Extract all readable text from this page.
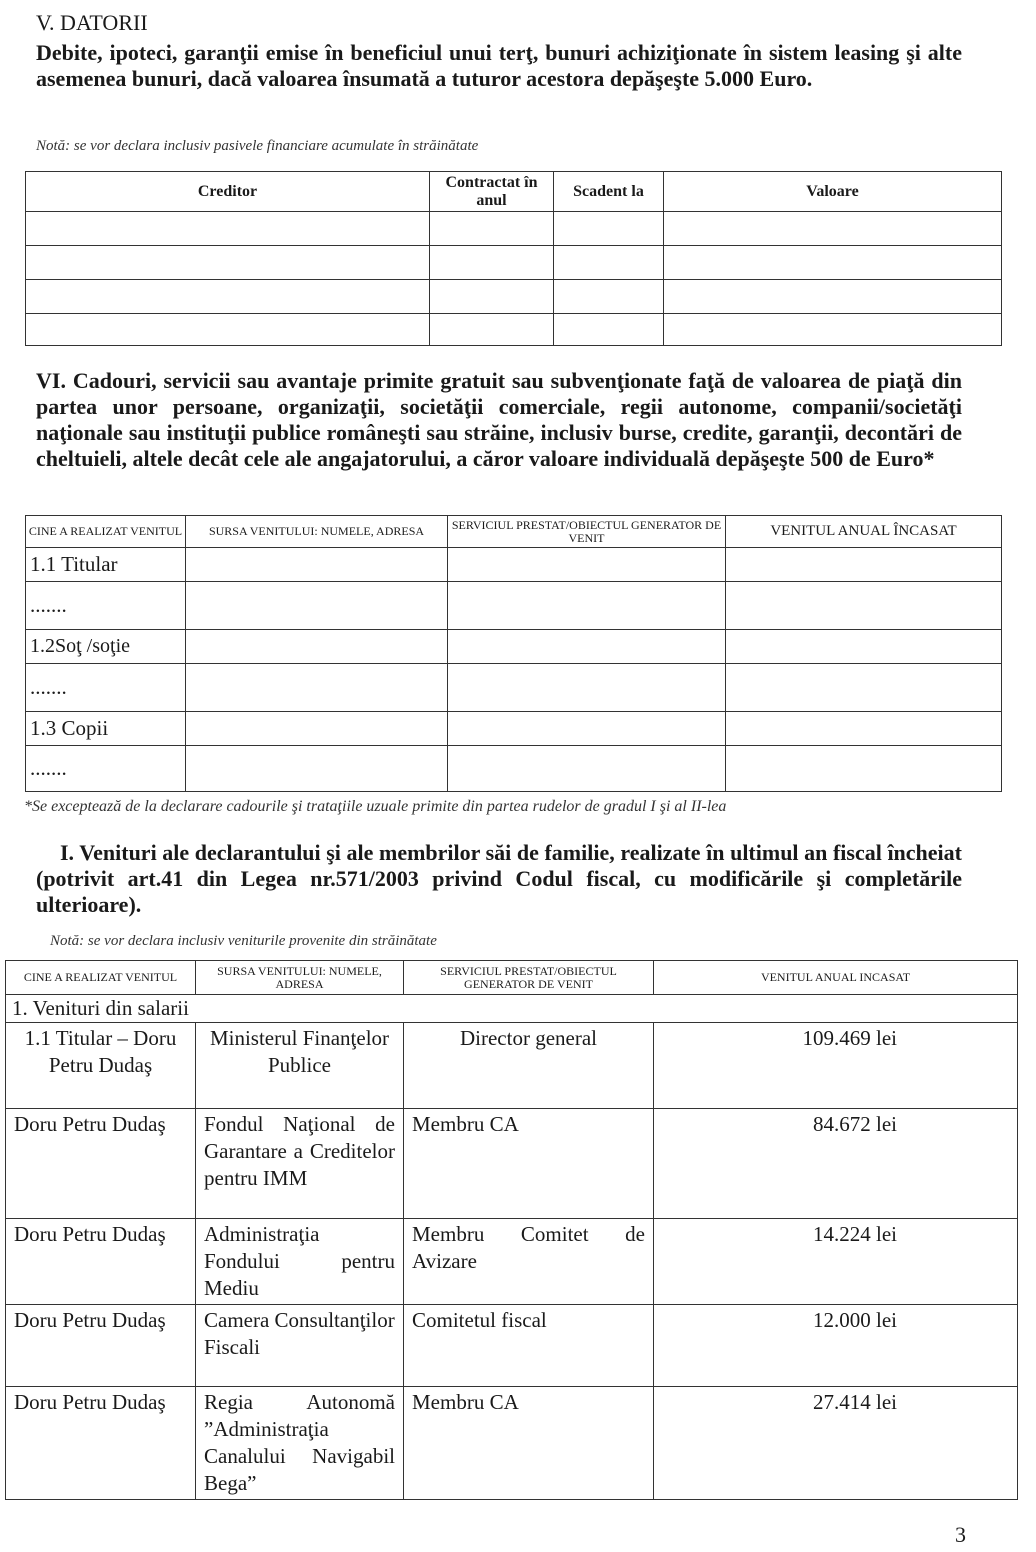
V. DATORII
Debite, ipoteci, garanţii emise în beneficiul unui terţ, bunuri achiziţionate în sistem leasing şi alte asemenea bunuri, dacă valoarea însumată a tuturor acestora depăşeşte 5.000 Euro.
Notă: se vor declara inclusiv pasivele financiare acumulate în străinătate
Creditor	Contractat în anul	Scadent la	Valoare

VI. Cadouri, servicii sau avantaje primite gratuit sau subvenţionate faţă de valoarea de piaţă din partea unor persoane, organizaţii, societăţii comerciale, regii autonome, companii/societăţi naţionale sau instituţii publice româneşti sau străine, inclusiv burse, credite, garanţii, decontări de cheltuieli, altele decât cele ale angajatorului, a căror valoare individuală depăşeşte 500 de Euro*
CINE A REALIZAT VENITUL	SURSA VENITULUI: NUMELE, ADRESA	SERVICIUL PRESTAT/OBIECTUL GENERATOR DE VENIT	VENITUL ANUAL ÎNCASAT
1.1 Titular			
.......			
1.2Soţ /soţie			
.......			
1.3 Copii			
.......			
*Se exceptează de la declarare cadourile şi trataţiile uzuale primite din partea rudelor de gradul I şi al II-lea
I. Venituri ale declarantului şi ale membrilor săi de familie, realizate în ultimul an fiscal încheiat (potrivit art.41 din Legea nr.571/2003 privind Codul fiscal, cu modificările şi completările ulterioare).
Notă: se vor declara inclusiv veniturile provenite din străinătate
CINE A REALIZAT VENITUL	SURSA VENITULUI: NUMELE, ADRESA	SERVICIUL PRESTAT/OBIECTUL GENERATOR DE VENIT	VENITUL ANUAL INCASAT
1. Venituri din salarii			
1.1 Titular – Doru Petru Dudaş	Ministerul Finanţelor Publice	Director general	109.469 lei
Doru Petru Dudaş	Fondul Naţional de Garantare a Creditelor pentru IMM	Membru CA	84.672 lei
Doru Petru Dudaş	Administraţia Fondului pentru Mediu	Membru Comitet de Avizare	14.224 lei
Doru Petru Dudaş	Camera Consultanţilor Fiscali	Comitetul fiscal	12.000 lei
Doru Petru Dudaş	Regia Autonomă ”Administraţia Canalului Navigabil Bega”	Membru CA	27.414 lei
3
